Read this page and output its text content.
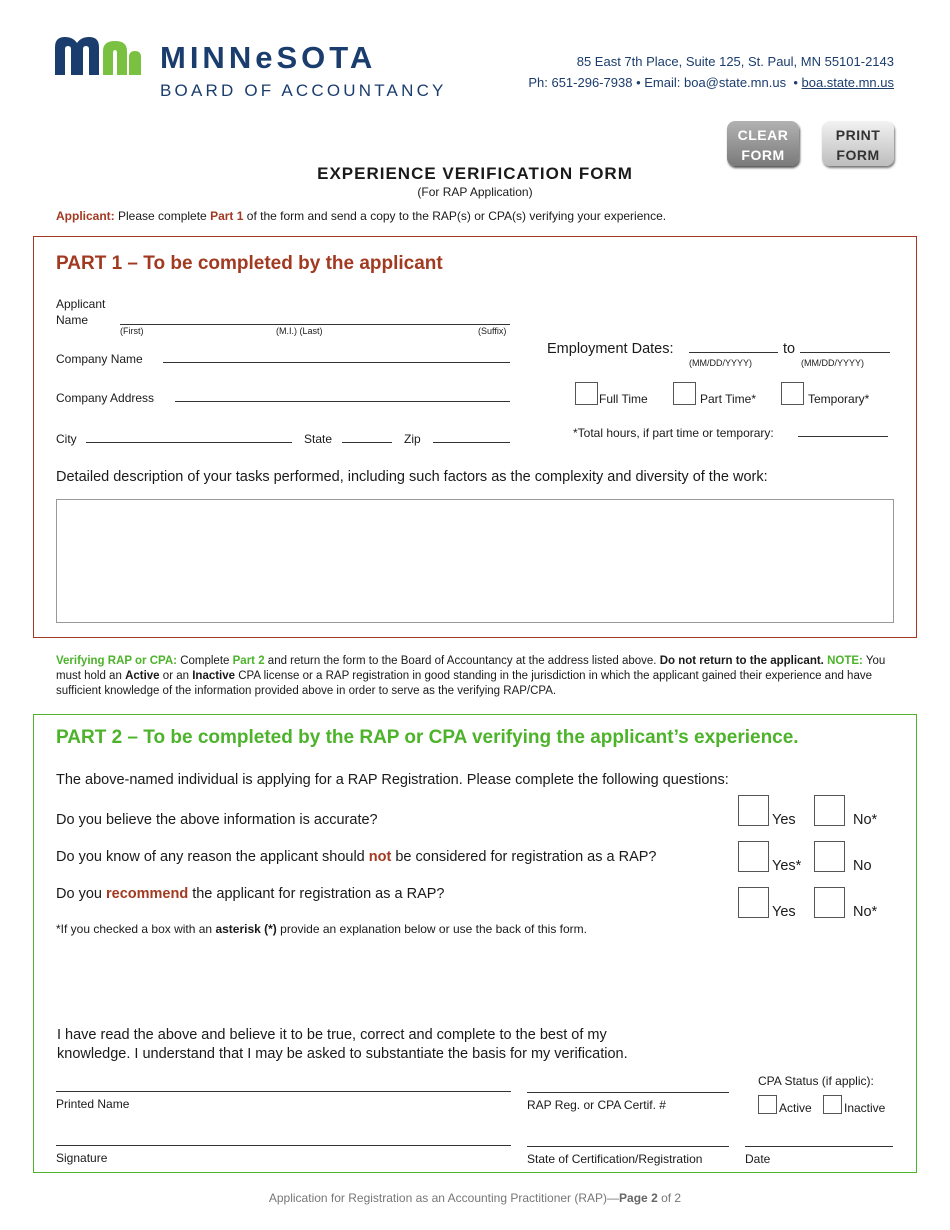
MINNeSOTA
BOARD OF ACCOUNTANCY
85 East 7th Place, Suite 125, St. Paul, MN 55101-2143
Ph: 651-296-7938 • Email: boa@state.mn.us • boa.state.mn.us
CLEAR
FORM
PRINT
FORM
EXPERIENCE VERIFICATION FORM
(For RAP Application)
Applicant: Please complete Part 1 of the form and send a copy to the RAP(s) or CPA(s) verifying your experience.
PART 1 – To be completed by the applicant
Applicant
Name
(First)	(M.I.) (Last)	(Suffix)
Company Name
Company Address
City	State	Zip
Employment Dates:	to
(MM/DD/YYYY)	(MM/DD/YYYY)
Full Time	Part Time*	Temporary*
*Total hours, if part time or temporary:
Detailed description of your tasks performed, including such factors as the complexity and diversity of the work:
Verifying RAP or CPA: Complete Part 2 and return the form to the Board of Accountancy at the address listed above. Do not return to the applicant. NOTE: You must hold an Active or an Inactive CPA license or a RAP registration in good standing in the jurisdiction in which the applicant gained their experience and have sufficient knowledge of the information provided above in order to serve as the verifying RAP/CPA.
PART 2 – To be completed by the RAP or CPA verifying the applicant’s experience.
The above-named individual is applying for a RAP Registration. Please complete the following questions:
Do you believe the above information is accurate?
Do you know of any reason the applicant should not be considered for registration as a RAP?
Do you recommend the applicant for registration as a RAP?
Yes	No*
Yes*	No
Yes	No*
*If you checked a box with an asterisk (*) provide an explanation below or use the back of this form.
I have read the above and believe it to be true, correct and complete to the best of my
knowledge. I understand that I may be asked to substantiate the basis for my verification.
CPA Status (if applic):
Active	Inactive
Printed Name	RAP Reg. or CPA Certif. #
Signature	State of Certification/Registration	Date
Application for Registration as an Accounting Practitioner (RAP)—Page 2 of 2
